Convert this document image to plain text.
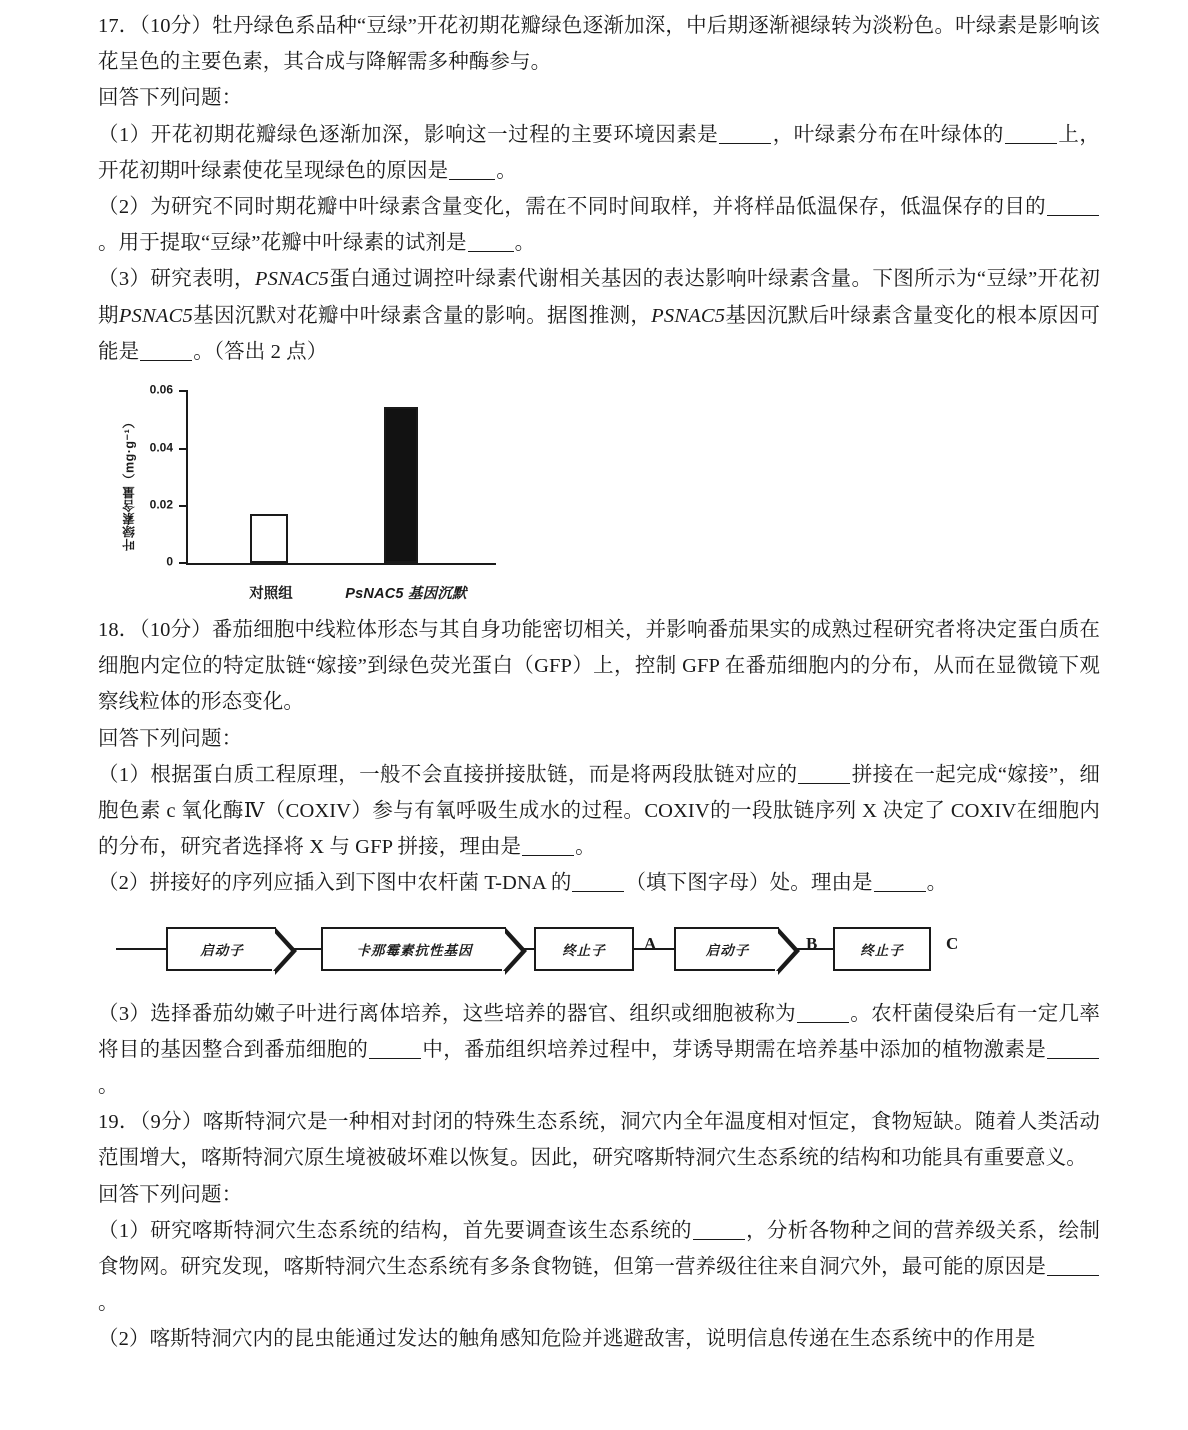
17．（10分）牡丹绿色系品种“豆绿”开花初期花瓣绿色逐渐加深，中后期逐渐褪绿转为淡粉色。叶绿素是影响该花呈色的主要色素，其合成与降解需多种酶参与。

回答下列问题：

（1）开花初期花瓣绿色逐渐加深，影响这一过程的主要环境因素是	，叶绿素分布在叶绿体的	上，开花初期叶绿素使花呈现绿色的原因是 。

（2）为研究不同时期花瓣中叶绿素含量变化，需在不同时间取样，并将样品低温保存，低温保存的目的。用于提取“豆绿”花瓣中叶绿素的试剂是 。

（3）研究表明，PSNAC5蛋白通过调控叶绿素代谢相关基因的表达影响叶绿素含量。下图所示为“豆绿”开花初期PSNAC5基因沉默对花瓣中叶绿素含量的影响。据图推测，PSNAC5基因沉默后叶绿素含量变化的根本原因可能是	。（答出 2 点）

叶绿素含量（mg·g⁻¹）
0.06
0.04
0.02
0
对照组	PsNAC5 基因沉默

18．（10分）番茄细胞中线粒体形态与其自身功能密切相关，并影响番茄果实的成熟过程研究者将决定蛋白质在细胞内定位的特定肽链“嫁接”到绿色荧光蛋白（GFP）上，控制 GFP 在番茄细胞内的分布，从而在显微镜下观察线粒体的形态变化。

回答下列问题：

（1）根据蛋白质工程原理，一般不会直接拼接肽链，而是将两段肽链对应的	拼接在一起完成“嫁接”，细胞色素 c 氧化酶Ⅳ（COXIV）参与有氧呼吸生成水的过程。COXIV的一段肽链序列 X 决定了 COXIV在细胞内的分布，研究者选择将 X 与 GFP 拼接，理由是	。

（2）拼接好的序列应插入到下图中农杆菌 T-DNA 的	（填下图字母）处。理由是	。

启动子	卡那霉素抗性基因	终止子 A	启动子	B	终止子 C

（3）选择番茄幼嫩子叶进行离体培养，这些培养的器官、组织或细胞被称为	。农杆菌侵染后有一定几率将目的基因整合到番茄细胞的	中，番茄组织培养过程中，芽诱导期需在培养基中添加的植物激素是。

19．（9分）喀斯特洞穴是一种相对封闭的特殊生态系统，洞穴内全年温度相对恒定，食物短缺。随着人类活动范围增大，喀斯特洞穴原生境被破坏难以恢复。因此，研究喀斯特洞穴生态系统的结构和功能具有重要意义。

回答下列问题：

（1）研究喀斯特洞穴生态系统的结构，首先要调查该生态系统的	，分析各物种之间的营养级关系，绘制食物网。研究发现，喀斯特洞穴生态系统有多条食物链，但第一营养级往往来自洞穴外，最可能的原因是。

（2）喀斯特洞穴内的昆虫能通过发达的触角感知危险并逃避敌害，说明信息传递在生态系统中的作用是
